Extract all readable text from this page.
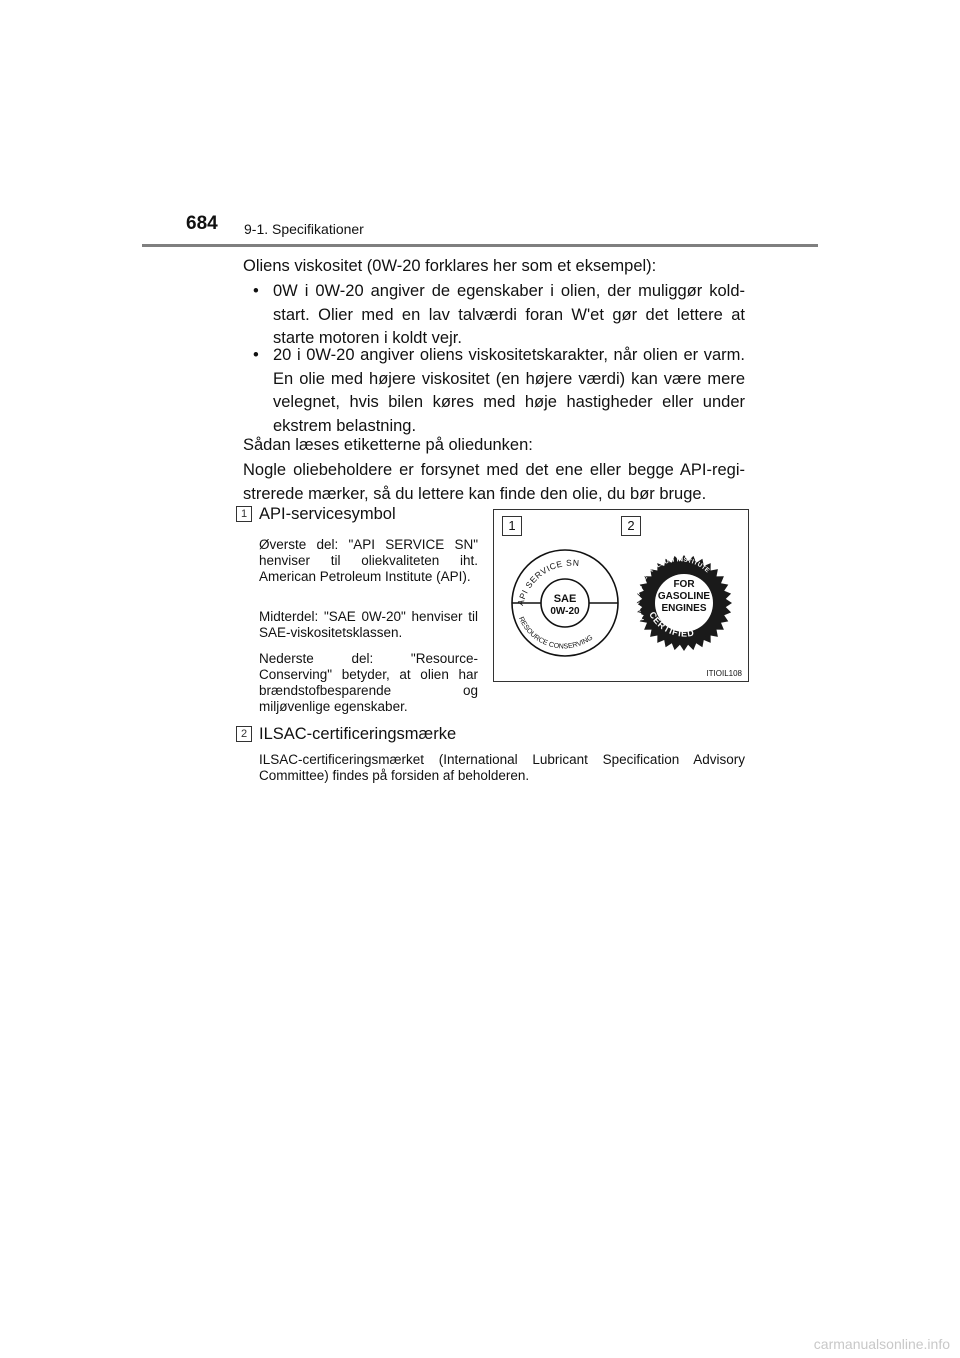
684 9-1. Specifikationer
Oliens viskositet (0W-20 forklares her som et eksempel):
• 0W i 0W-20 angiver de egenskaber i olien, der muliggør kold-start. Olier med en lav talværdi foran W'et gør det lettere at starte motoren i koldt vejr.
• 20 i 0W-20 angiver oliens viskositetskarakter, når olien er varm. En olie med højere viskositet (en højere værdi) kan være mere velegnet, hvis bilen køres med høje hastigheder eller under ekstrem belastning.
Sådan læses etiketterne på oliedunken:
Nogle oliebeholdere er forsynet med det ene eller begge API-regi-strerede mærker, så du lettere kan finde den olie, du bør bruge.
1 API-servicesymbol
Øverste del: "API SERVICE SN" henviser til oliekvaliteten iht. American Petroleum Institute (API).
Midterdel: "SAE 0W-20" henviser til SAE-viskositetsklassen.
Nederste del: "Resource-Conserving" betyder, at olien har brændstofbesparende og miljøvenlige egenskaber.
2 ILSAC-certificeringsmærke
ILSAC-certificeringsmærket (International Lubricant Specification Advisory Committee) findes på forsiden af beholderen.
1	2
API SERVICE SN
SAE
0W-20
RESOURCE CONSERVING
AMERICAN PETROLEUM INSTITUTE
FOR
GASOLINE
ENGINES
CERTIFIED
ITIOIL108
carmanualsonline.info
